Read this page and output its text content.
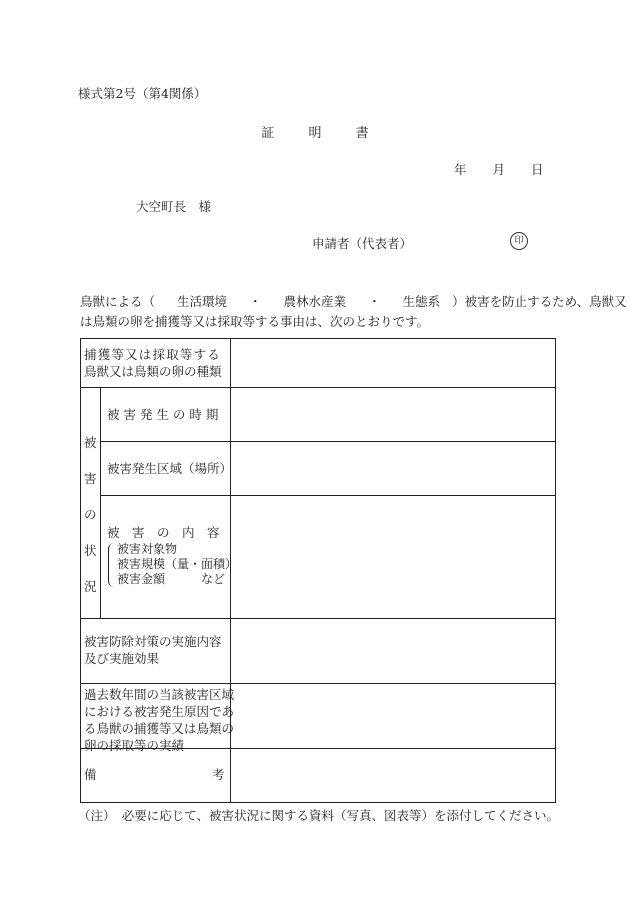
様式第2号（第4関係）
証	明	書
年 月 日
大空町長　様
申請者（代表者）	印
鳥獣による（ 生活環境 ・ 農林水産業 ・ 生態系 ）被害を防止するため、鳥獣又
は鳥類の卵を捕獲等又は採取等する事由は、次のとおりです。
捕獲等又は採取等する
鳥獣又は鳥類の卵の種類
被
害
の
状
況
被 害 発 生 の 時 期
被害発生区域（場所）
被　害　の　内　容
被害対象物
被害規模（量・面積）
被害金額　　　など
被害防除対策の実施内容
及び実施効果
過去数年間の当該被害区域
における被害発生原因であ
る鳥獣の捕獲等又は鳥類の
卵の採取等の実績
備	考
（注）　必要に応じて、被害状況に関する資料（写真、図表等）を添付してください。
